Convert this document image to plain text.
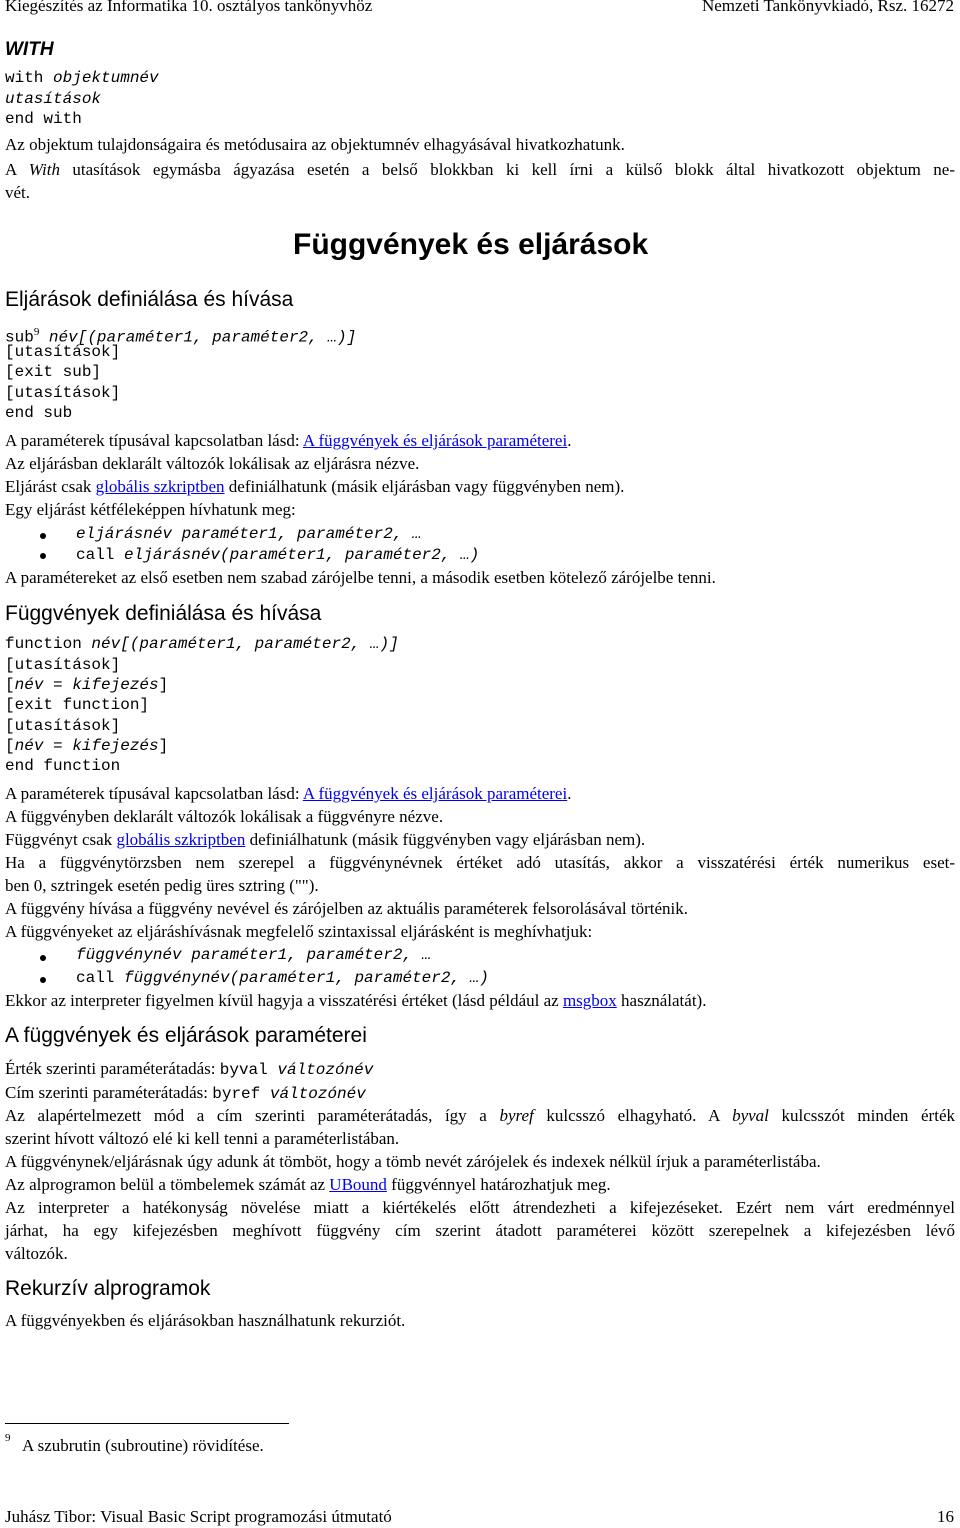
Kiegészítés az Informatika 10. osztályos tankönyvhöz	Nemzeti Tankönyvkiadó, Rsz. 16272
WITH
with objektumnév
utasítások
end with
Az objektum tulajdonságaira és metódusaira az objektumnév elhagyásával hivatkozhatunk.
A With utasítások egymásba ágyazása esetén a belső blokkban ki kell írni a külső blokk által hivatkozott objektum ne-
vét.
Függvények és eljárások
Eljárások definiálása és hívása
sub$^9$ név[(paraméter1, paraméter2, …)]
[utasítások]
[exit sub]
[utasítások]
end sub
A paraméterek típusával kapcsolatban lásd: A függvények és eljárások paraméterei.
Az eljárásban deklarált változók lokálisak az eljárásra nézve.
Eljárást csak globális szkriptben definiálhatunk (másik eljárásban vagy függvényben nem).
Egy eljárást kétféleképpen hívhatunk meg:
eljárásnév paraméter1, paraméter2, …
call eljárásnév(paraméter1, paraméter2, …)
A paramétereket az első esetben nem szabad zárójelbe tenni, a második esetben kötelező zárójelbe tenni.
Függvények definiálása és hívása
function név[(paraméter1, paraméter2, …)]
[utasítások]
[név = kifejezés]
[exit function]
[utasítások]
[név = kifejezés]
end function
A paraméterek típusával kapcsolatban lásd: A függvények és eljárások paraméterei.
A függvényben deklarált változók lokálisak a függvényre nézve.
Függvényt csak globális szkriptben definiálhatunk (másik függvényben vagy eljárásban nem).
Ha a függvénytörzsben nem szerepel a függvénynévnek értéket adó utasítás, akkor a visszatérési érték numerikus eset-
ben 0, sztringek esetén pedig üres sztring ("").
A függvény hívása a függvény nevével és zárójelben az aktuális paraméterek felsorolásával történik.
A függvényeket az eljáráshívásnak megfelelő szintaxissal eljárásként is meghívhatjuk:
függvénynév paraméter1, paraméter2, …
call függvénynév(paraméter1, paraméter2, …)
Ekkor az interpreter figyelmen kívül hagyja a visszatérési értéket (lásd például az msgbox használatát).
A függvények és eljárások paraméterei
Érték szerinti paraméterátadás: byval változónév
Cím szerinti paraméterátadás: byref változónév
Az alapértelmezett mód a cím szerinti paraméterátadás, így a byref kulcsszó elhagyható. A byval kulcsszót minden érték
szerint hívott változó elé ki kell tenni a paraméterlistában.
A függvénynek/eljárásnak úgy adunk át tömböt, hogy a tömb nevét zárójelek és indexek nélkül írjuk a paraméterlistába.
Az alprogramon belül a tömbelemek számát az UBound függvénnyel határozhatjuk meg.
Az interpreter a hatékonyság növelése miatt a kiértékelés előtt átrendezheti a kifejezéseket. Ezért nem várt eredménnyel
járhat, ha egy kifejezésben meghívott függvény cím szerint átadott paraméterei között szerepelnek a kifejezésben lévő
változók.
Rekurzív alprogramok
A függvényekben és eljárásokban használhatunk rekurziót.
9 A szubrutin (subroutine) rövidítése.
Juhász Tibor: Visual Basic Script programozási útmutató	16
